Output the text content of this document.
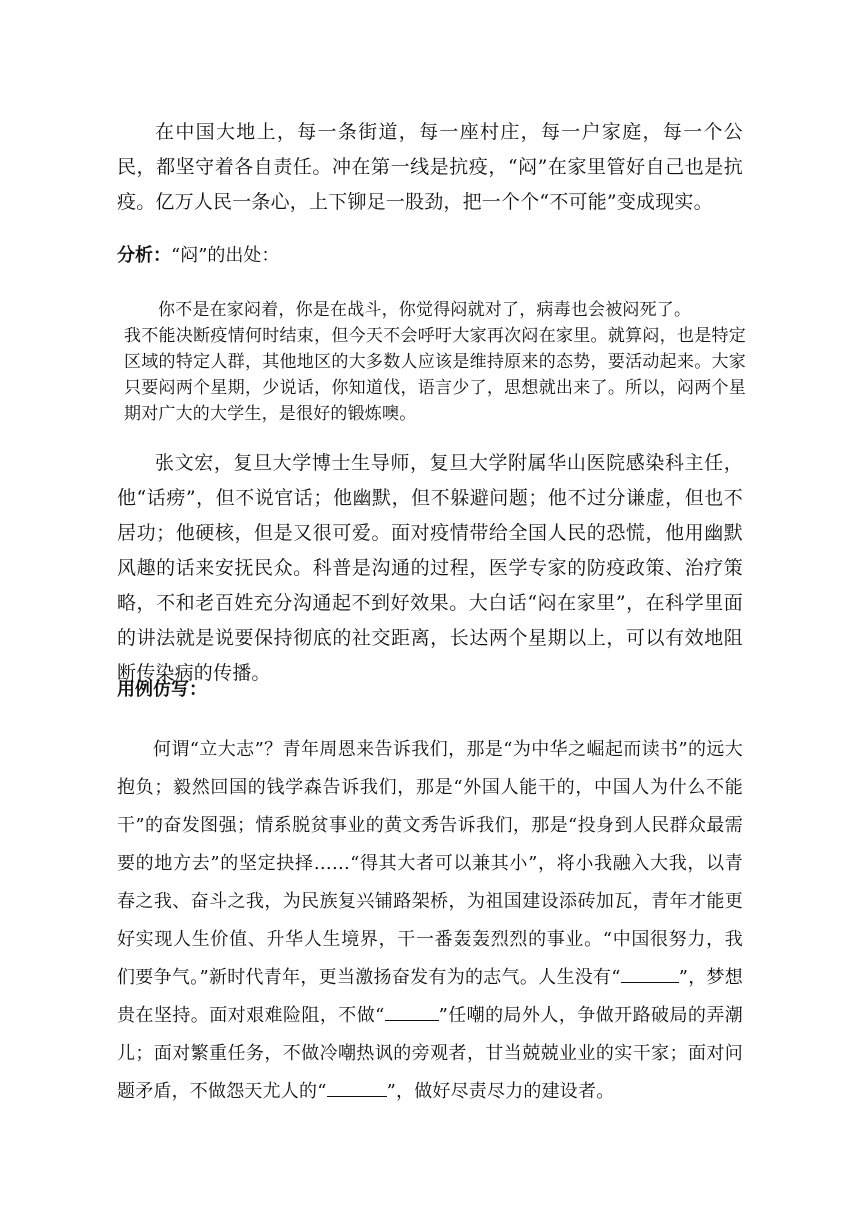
在中国大地上，每一条街道，每一座村庄，每一户家庭，每一个公民，都坚守着各自责任。冲在第一线是抗疫，“闷”在家里管好自己也是抗疫。亿万人民一条心，上下铆足一股劲，把一个个“不可能”变成现实。

分析：“闷”的出处：

你不是在家闷着，你是在战斗，你觉得闷就对了，病毒也会被闷死了。

我不能决断疫情何时结束，但今天不会呼吁大家再次闷在家里。就算闷，也是特定区域的特定人群，其他地区的大多数人应该是维持原来的态势，要活动起来。大家只要闷两个星期，少说话，你知道伐，语言少了，思想就出来了。所以，闷两个星期对广大的大学生，是很好的锻炼噢。

张文宏，复旦大学博士生导师，复旦大学附属华山医院感染科主任，他“话痨”，但不说官话；他幽默，但不躲避问题；他不过分谦虚，但也不居功；他硬核，但是又很可爱。面对疫情带给全国人民的恐慌，他用幽默风趣的话来安抚民众。科普是沟通的过程，医学专家的防疫政策、治疗策略，不和老百姓充分沟通起不到好效果。大白话“闷在家里”，在科学里面的讲法就是说要保持彻底的社交距离，长达两个星期以上，可以有效地阻断传染病的传播。

用例仿写：

何谓“立大志”？青年周恩来告诉我们，那是“为中华之崛起而读书”的远大抱负；毅然回国的钱学森告诉我们，那是“外国人能干的，中国人为什么不能干”的奋发图强；情系脱贫事业的黄文秀告诉我们，那是“投身到人民群众最需要的地方去”的坚定抉择……“得其大者可以兼其小”，将小我融入大我，以青春之我、奋斗之我，为民族复兴铺路架桥，为祖国建设添砖加瓦，青年才能更好实现人生价值、升华人生境界，干一番轰轰烈烈的事业。“中国很努力，我们要争气。”新时代青年，更当激扬奋发有为的志气。人生没有“	”，梦想贵在坚持。面对艰难险阻，不做“	”任嘲的局外人，争做开路破局的弄潮儿；面对繁重任务，不做冷嘲热讽的旁观者，甘当兢兢业业的实干家；面对问题矛盾，不做怨天尤人的“	”，做好尽责尽力的建设者。
